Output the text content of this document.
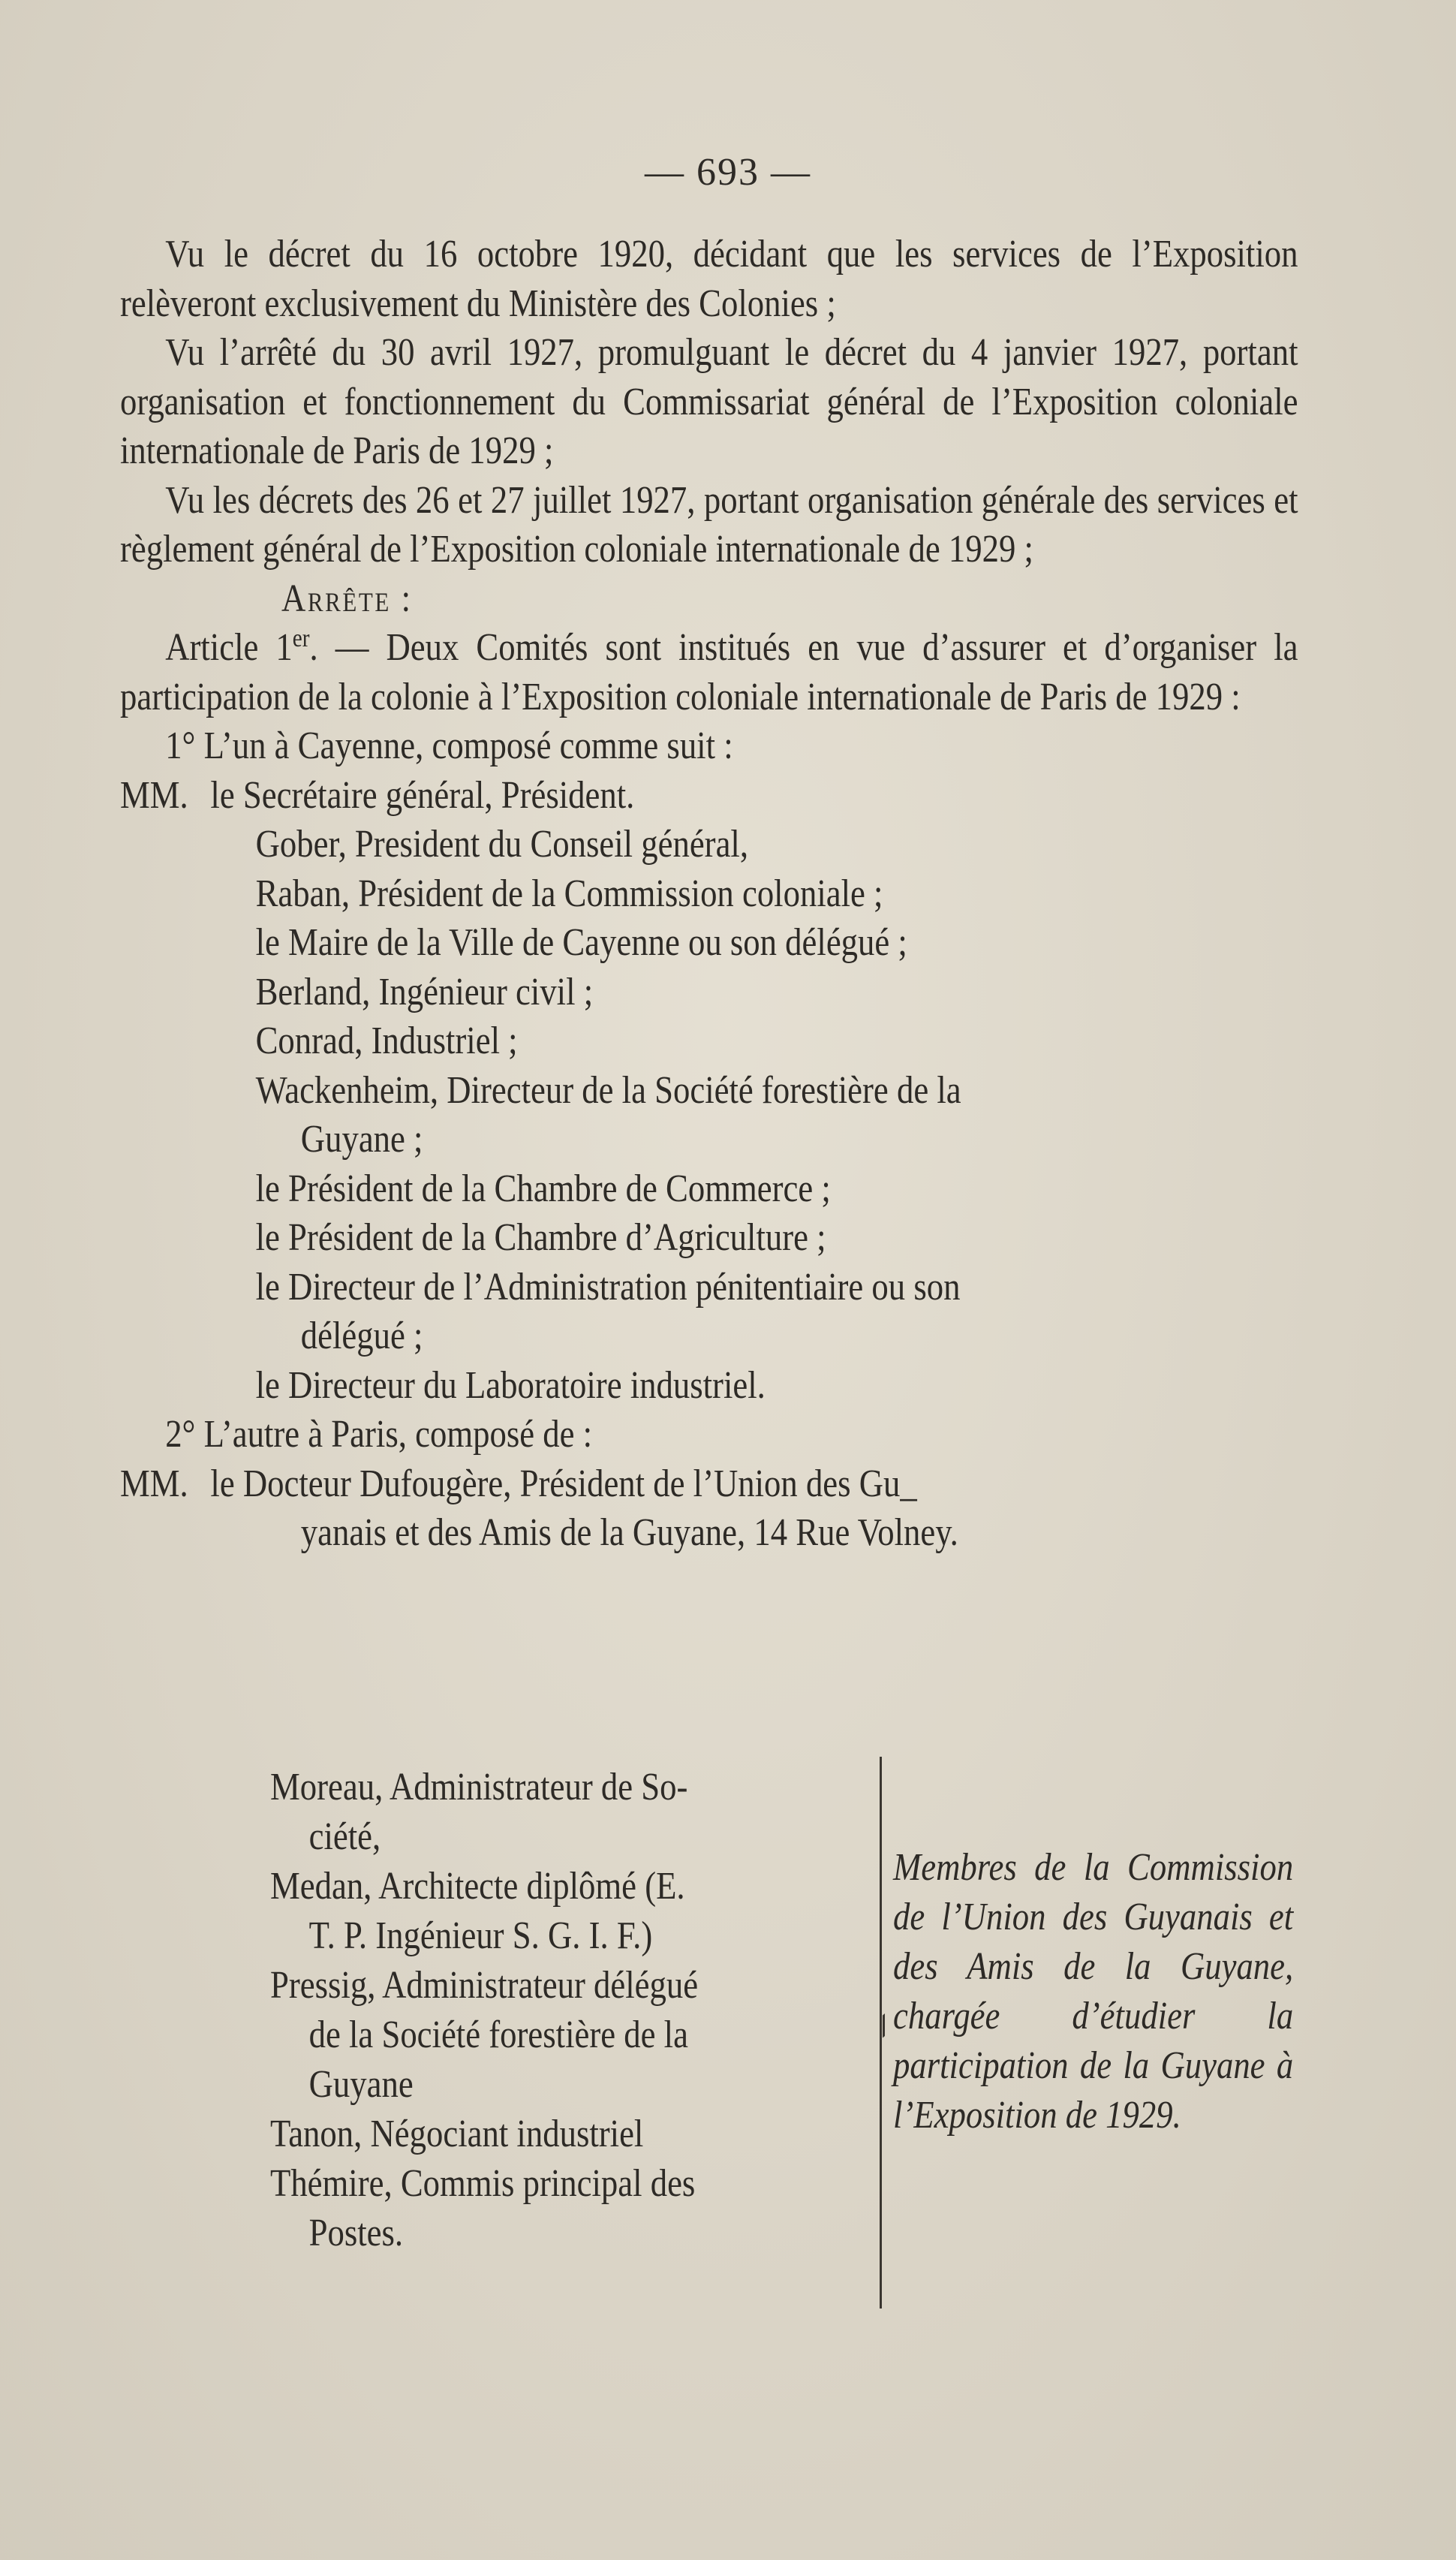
— 693 —

Vu le décret du 16 octobre 1920, décidant que les services de l’Exposition relèveront exclusivement du Ministère des Colonies ;

Vu l’arrêté du 30 avril 1927, promulguant le décret du 4 janvier 1927, portant organisation et fonctionnement du Commissariat général de l’Exposition coloniale internationale de Paris de 1929 ;

Vu les décrets des 26 et 27 juillet 1927, portant organisation générale des services et règlement général de l’Exposition coloniale internationale de 1929 ;

Arrête :

Article 1er. — Deux Comités sont institués en vue d’assurer et d’organiser la participation de la colonie à l’Exposition coloniale internationale de Paris de 1929 :

1° L’un à Cayenne, composé comme suit :

MM. le Secrétaire général, Président.

Gober, President du Conseil général,

Raban, Président de la Commission coloniale ;

le Maire de la Ville de Cayenne ou son délégué ;

Berland, Ingénieur civil ;

Conrad, Industriel ;

Wackenheim, Directeur de la Société forestière de la
Guyane ;

le Président de la Chambre de Commerce ;

le Président de la Chambre d’Agriculture ;

le Directeur de l’Administration pénitentiaire ou son
délégué ;

le Directeur du Laboratoire industriel.

2° L’autre à Paris, composé de :

MM. le Docteur Dufougère, Président de l’Union des Gu_

yanais et des Amis de la Guyane, 14 Rue Volney.

Moreau, Administrateur de So-
ciété,

Medan, Architecte diplômé (E.
T. P. Ingénieur S. G. I. F.)

Pressig, Administrateur délégué
de la Société forestière de la
Guyane

Tanon, Négociant industriel

Thémire, Commis principal des
Postes.

Membres de la Commission de l’Union des Guyanais et des Amis de la Guyane, chargée d’étudier la participation de la Guyane à l’Exposition de 1929.
